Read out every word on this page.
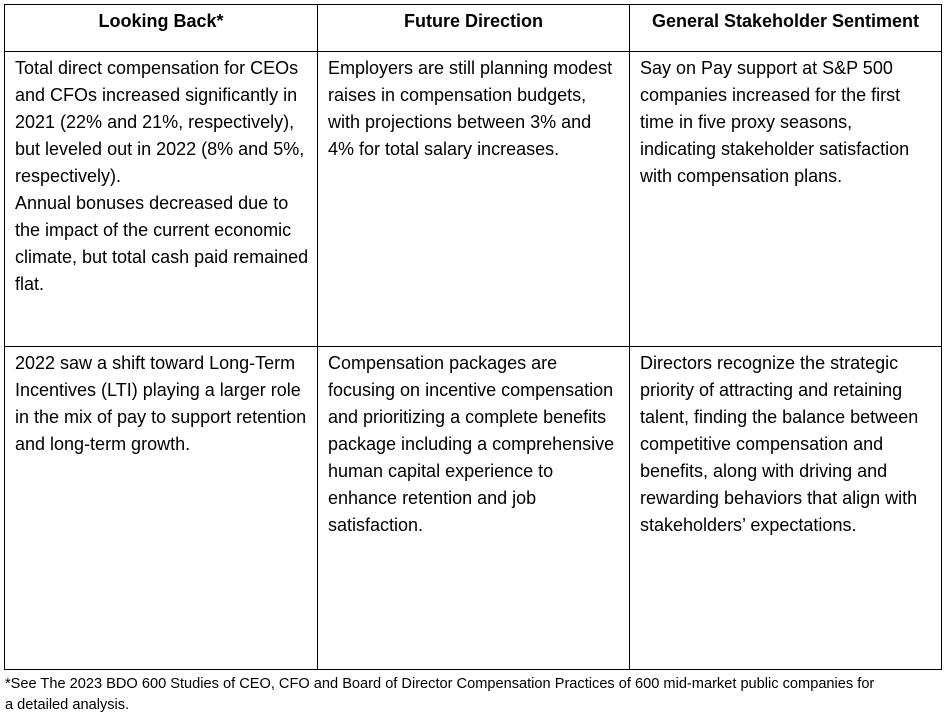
Looking Back*	Future Direction	General Stakeholder Sentiment

Total direct compensation for CEOs and CFOs increased significantly in 2021 (22% and 21%, respectively), but leveled out in 2022 (8% and 5%, respectively).
Annual bonuses decreased due to the impact of the current economic climate, but total cash paid remained flat.	Employers are still planning modest raises in compensation budgets, with projections between 3% and 4% for total salary increases.	Say on Pay support at S&P 500 companies increased for the first time in five proxy seasons, indicating stakeholder satisfaction with compensation plans.

2022 saw a shift toward Long-Term Incentives (LTI) playing a larger role in the mix of pay to support retention and long-term growth.	Compensation packages are focusing on incentive compensation and prioritizing a complete benefits package including a comprehensive human capital experience to enhance retention and job satisfaction.	Directors recognize the strategic priority of attracting and retaining talent, finding the balance between competitive compensation and benefits, along with driving and rewarding behaviors that align with stakeholders’ expectations.
*See The 2023 BDO 600 Studies of CEO, CFO and Board of Director Compensation Practices of 600 mid-market public companies for a detailed analysis.
